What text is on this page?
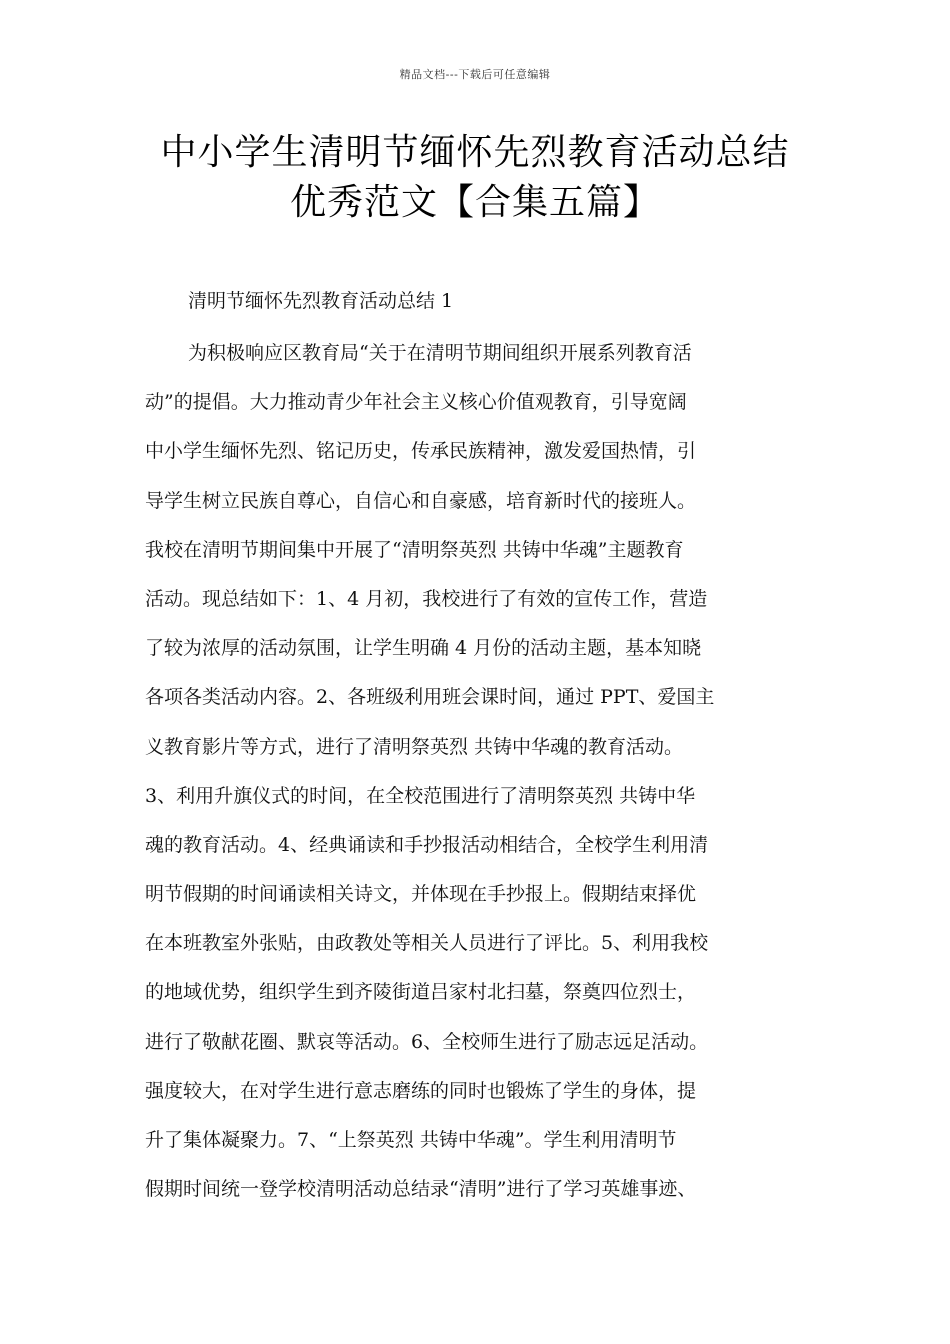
精品文档---下载后可任意编辑
中小学生清明节缅怀先烈教育活动总结
优秀范文【合集五篇】
清明节缅怀先烈教育活动总结 1
为积极响应区教育局“关于在清明节期间组织开展系列教育活
动”的提倡。大力推动青少年社会主义核心价值观教育，引导宽阔
中小学生缅怀先烈、铭记历史，传承民族精神，激发爱国热情，引
导学生树立民族自尊心，自信心和自豪感，培育新时代的接班人。
我校在清明节期间集中开展了“清明祭英烈 共铸中华魂”主题教育
活动。现总结如下：1、4 月初，我校进行了有效的宣传工作，营造
了较为浓厚的活动氛围，让学生明确 4 月份的活动主题，基本知晓
各项各类活动内容。2、各班级利用班会课时间，通过 PPT、爱国主
义教育影片等方式，进行了清明祭英烈 共铸中华魂的教育活动。
3、利用升旗仪式的时间，在全校范围进行了清明祭英烈 共铸中华
魂的教育活动。4、经典诵读和手抄报活动相结合，全校学生利用清
明节假期的时间诵读相关诗文，并体现在手抄报上。假期结束择优
在本班教室外张贴，由政教处等相关人员进行了评比。5、利用我校
的地域优势，组织学生到齐陵街道吕家村北扫墓，祭奠四位烈士，
进行了敬献花圈、默哀等活动。6、全校师生进行了励志远足活动。
强度较大，在对学生进行意志磨练的同时也锻炼了学生的身体，提
升了集体凝聚力。7、“上祭英烈 共铸中华魂”。学生利用清明节
假期时间统一登学校清明活动总结录“清明”进行了学习英雄事迹、
